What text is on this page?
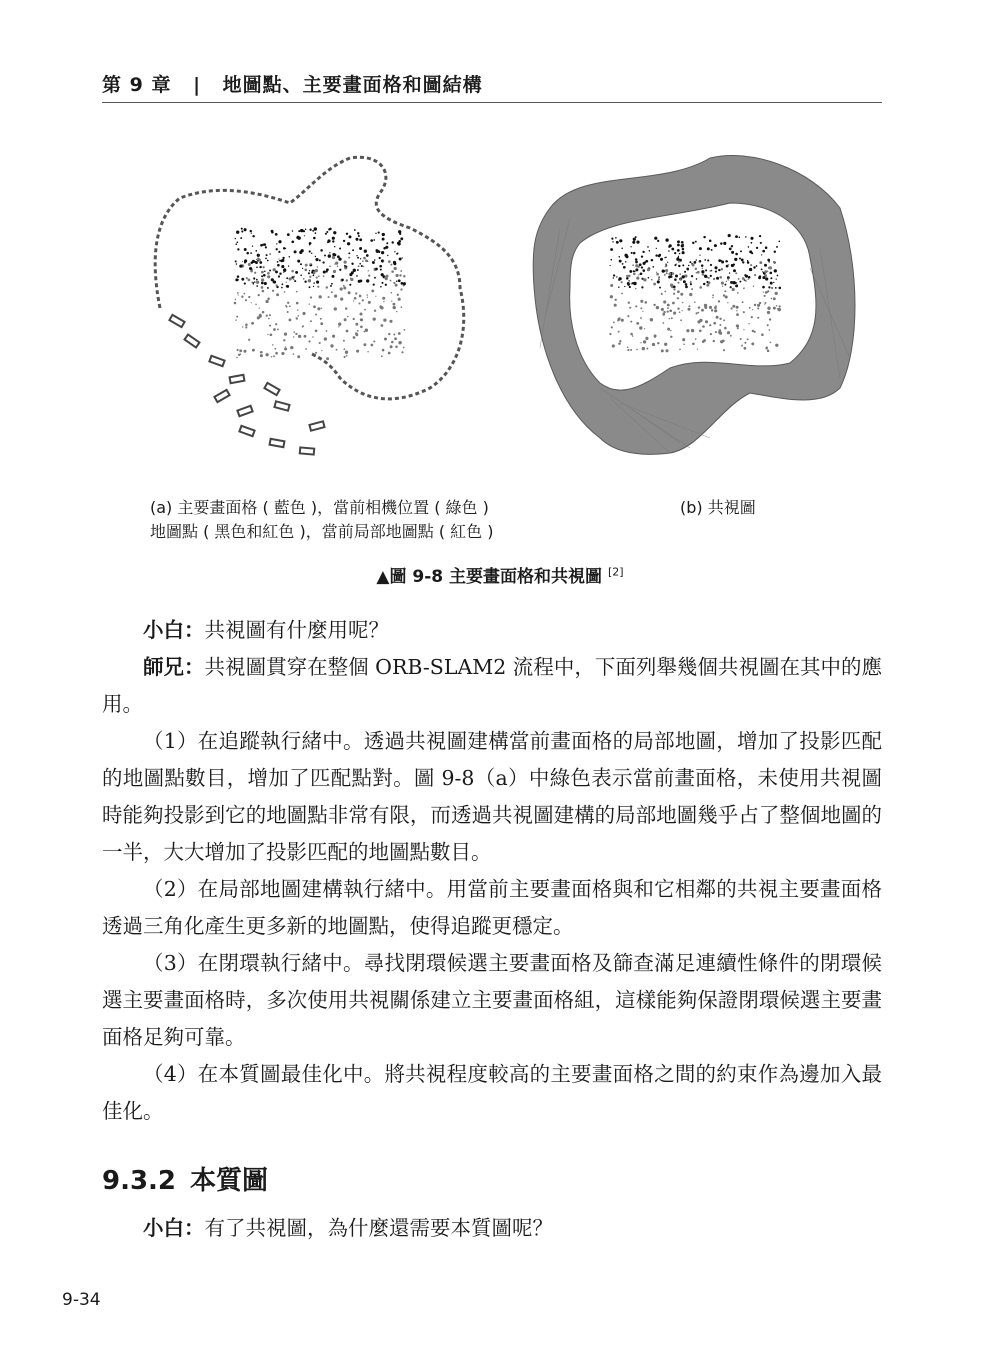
第 9 章 | 地圖點、主要畫面格和圖結構
(a) 主要畫面格 ( 藍色 )，當前相機位置 ( 綠色 )
地圖點 ( 黑色和紅色 )，當前局部地圖點 ( 紅色 )
(b) 共視圖
▲圖 9-8 主要畫面格和共視圖 [2]

小白：共視圖有什麼用呢？

師兄：共視圖貫穿在整個 ORB-SLAM2 流程中，下面列舉幾個共視圖在其中的應用。

（1）在追蹤執行緒中。透過共視圖建構當前畫面格的局部地圖，增加了投影匹配的地圖點數目，增加了匹配點對。圖 9-8（a）中綠色表示當前畫面格，未使用共視圖時能夠投影到它的地圖點非常有限，而透過共視圖建構的局部地圖幾乎占了整個地圖的一半，大大增加了投影匹配的地圖點數目。

（2）在局部地圖建構執行緒中。用當前主要畫面格與和它相鄰的共視主要畫面格透過三角化產生更多新的地圖點，使得追蹤更穩定。

（3）在閉環執行緒中。尋找閉環候選主要畫面格及篩查滿足連續性條件的閉環候選主要畫面格時，多次使用共視關係建立主要畫面格組，這樣能夠保證閉環候選主要畫面格足夠可靠。

（4）在本質圖最佳化中。將共視程度較高的主要畫面格之間的約束作為邊加入最佳化。

9.3.2 本質圖

小白：有了共視圖，為什麼還需要本質圖呢？

9-34
